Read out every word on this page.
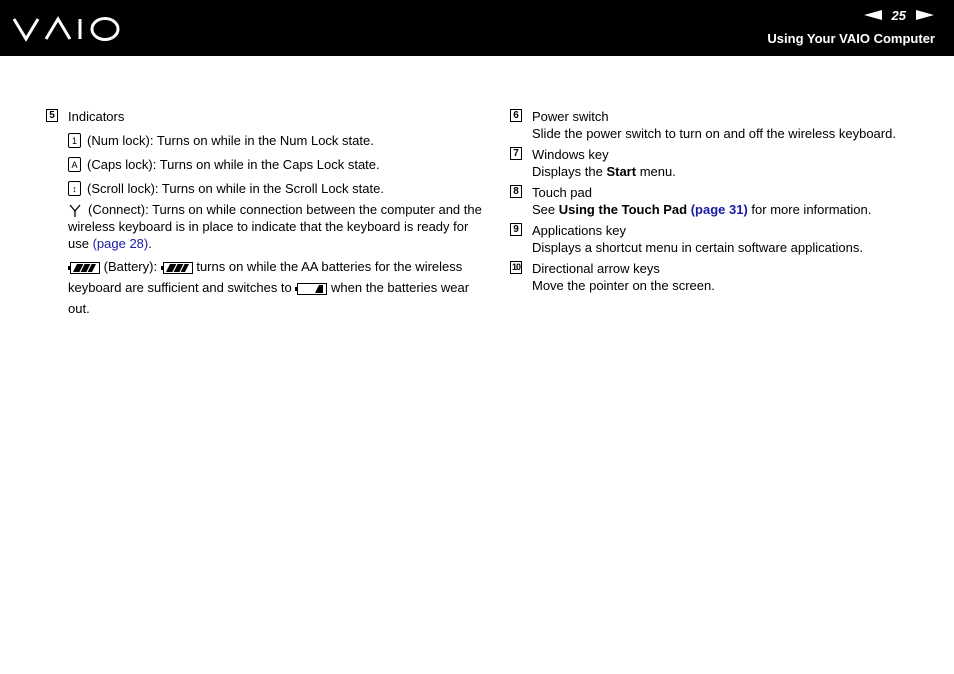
25
Using Your VAIO Computer
5 Indicators
1 (Num lock): Turns on while in the Num Lock state.
A (Caps lock): Turns on while in the Caps Lock state.
↕ (Scroll lock): Turns on while in the Scroll Lock state.
(Connect): Turns on while connection between the computer and the wireless keyboard is in place to indicate that the keyboard is ready for use (page 28).
(Battery):	turns on while the AA batteries for the wireless keyboard are sufficient and switches to	when the batteries wear out.
6 Power switch
Slide the power switch to turn on and off the wireless keyboard.
7 Windows key
Displays the Start menu.
8 Touch pad
See Using the Touch Pad (page 31) for more information.
9 Applications key
Displays a shortcut menu in certain software applications.
10 Directional arrow keys
Move the pointer on the screen.
